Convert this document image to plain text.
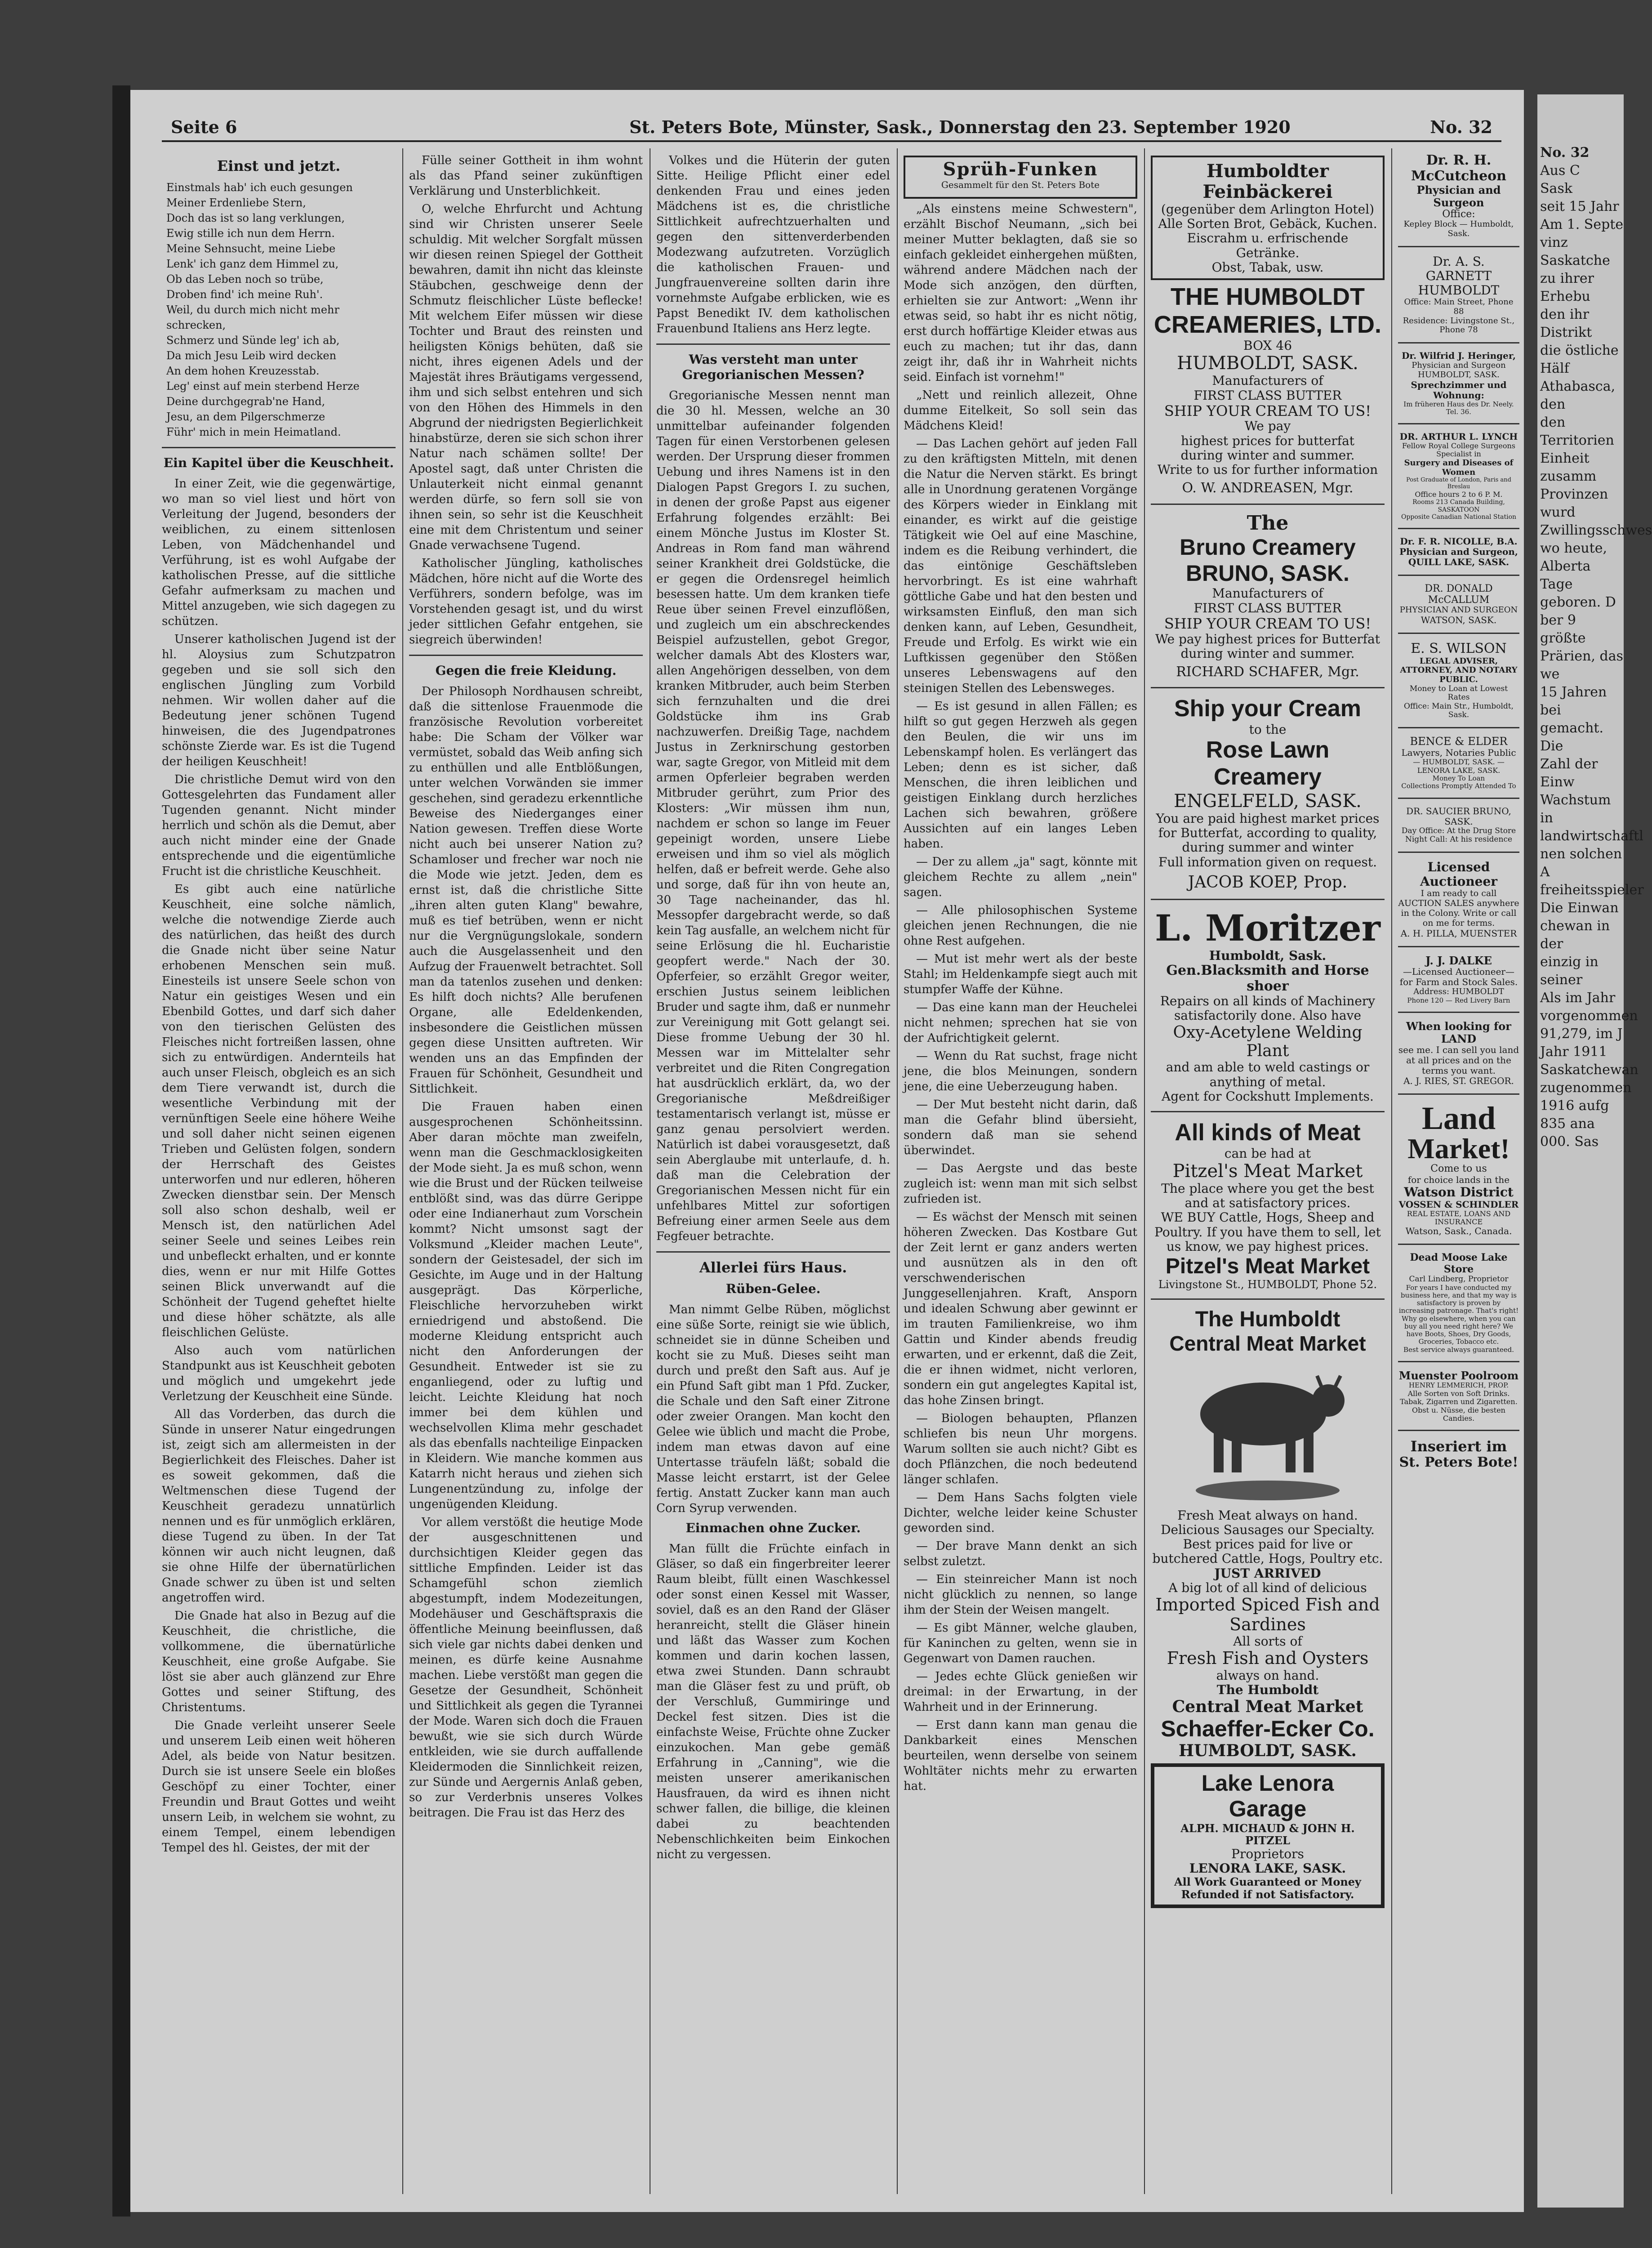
Seite 6	St. Peters Bote, Münster, Sask., Donnerstag den 23. September 1920	No. 32
Einst und jetzt.
Einstmals hab' ich euch gesungen
Meiner Erdenliebe Stern,
Doch das ist so lang verklungen,
Ewig stille ich nun dem Herrn.
Meine Sehnsucht, meine Liebe
Lenk' ich ganz dem Himmel zu,
Ob das Leben noch so trübe,
Droben find' ich meine Ruh'.
Weil, du durch mich nicht mehr schrecken,
Schmerz und Sünde leg' ich ab,
Da mich Jesu Leib wird decken
An dem hohen Kreuzesstab.
Leg' einst auf mein sterbend Herze
Deine durchgegrab'ne Hand,
Jesu, an dem Pilgerschmerze
Führ' mich in mein Heimatland.
Ein Kapitel über die Keuschheit.

In einer Zeit, wie die gegenwärtige, wo man so viel liest und hört von Verleitung der Jugend, besonders der weiblichen, zu einem sittenlosen Leben, von Mädchenhandel und Verführung, ist es wohl Aufgabe der katholischen Presse, auf die sittliche Gefahr aufmerksam zu machen und Mittel anzugeben, wie sich dagegen zu schützen.

Unserer katholischen Jugend ist der hl. Aloysius zum Schutzpatron gegeben und sie soll sich den englischen Jüngling zum Vorbild nehmen. Wir wollen daher auf die Bedeutung jener schönen Tugend hinweisen, die des Jugendpatrones schönste Zierde war. Es ist die Tugend der heiligen Keuschheit!

Die christliche Demut wird von den Gottesgelehrten das Fundament aller Tugenden genannt. Nicht minder herrlich und schön als die Demut, aber auch nicht minder eine der Gnade entsprechende und die eigentümliche Frucht ist die christliche Keuschheit.

Es gibt auch eine natürliche Keuschheit, eine solche nämlich, welche die notwendige Zierde auch des natürlichen, das heißt des durch die Gnade nicht über seine Natur erhobenen Menschen sein muß. Einesteils ist unsere Seele schon von Natur ein geistiges Wesen und ein Ebenbild Gottes, und darf sich daher von den tierischen Gelüsten des Fleisches nicht fortreißen lassen, ohne sich zu entwürdigen. Andernteils hat auch unser Fleisch, obgleich es an sich dem Tiere verwandt ist, durch die wesentliche Verbindung mit der vernünftigen Seele eine höhere Weihe und soll daher nicht seinen eigenen Trieben und Gelüsten folgen, sondern der Herrschaft des Geistes unterworfen und nur edleren, höheren Zwecken dienstbar sein. Der Mensch soll also schon deshalb, weil er Mensch ist, den natürlichen Adel seiner Seele und seines Leibes rein und unbefleckt erhalten, und er konnte dies, wenn er nur mit Hilfe Gottes seinen Blick unverwandt auf die Schönheit der Tugend geheftet hielte und diese höher schätzte, als alle fleischlichen Gelüste.

Also auch vom natürlichen Standpunkt aus ist Keuschheit geboten und möglich und umgekehrt jede Verletzung der Keuschheit eine Sünde.

All das Vorderben, das durch die Sünde in unserer Natur eingedrungen ist, zeigt sich am allermeisten in der Begierlichkeit des Fleisches. Daher ist es soweit gekommen, daß die Weltmenschen diese Tugend der Keuschheit geradezu unnatürlich nennen und es für unmöglich erklären, diese Tugend zu üben. In der Tat können wir auch nicht leugnen, daß sie ohne Hilfe der übernatürlichen Gnade schwer zu üben ist und selten angetroffen wird.

Die Gnade hat also in Bezug auf die Keuschheit, die christliche, die vollkommene, die übernatürliche Keuschheit, eine große Aufgabe. Sie löst sie aber auch glänzend zur Ehre Gottes und seiner Stiftung, des Christentums.

Die Gnade verleiht unserer Seele und unserem Leib einen weit höheren Adel, als beide von Natur besitzen. Durch sie ist unsere Seele ein bloßes Geschöpf zu einer Tochter, einer Freundin und Braut Gottes und weiht unsern Leib, in welchem sie wohnt, zu einem Tempel, einem lebendigen Tempel des hl. Geistes, der mit der

Fülle seiner Gottheit in ihm wohnt als das Pfand seiner zukünftigen Verklärung und Unsterblichkeit.

O, welche Ehrfurcht und Achtung sind wir Christen unserer Seele schuldig. Mit welcher Sorgfalt müssen wir diesen reinen Spiegel der Gottheit bewahren, damit ihn nicht das kleinste Stäubchen, geschweige denn der Schmutz fleischlicher Lüste beflecke! Mit welchem Eifer müssen wir diese Tochter und Braut des reinsten und heiligsten Königs behüten, daß sie nicht, ihres eigenen Adels und der Majestät ihres Bräutigams vergessend, ihm und sich selbst entehren und sich von den Höhen des Himmels in den Abgrund der niedrigsten Begierlichkeit hinabstürze, deren sie sich schon ihrer Natur nach schämen sollte! Der Apostel sagt, daß unter Christen die Unlauterkeit nicht einmal genannt werden dürfe, so fern soll sie von ihnen sein, so sehr ist die Keuschheit eine mit dem Christentum und seiner Gnade verwachsene Tugend.

Katholischer Jüngling, katholisches Mädchen, höre nicht auf die Worte des Verführers, sondern befolge, was im Vorstehenden gesagt ist, und du wirst jeder sittlichen Gefahr entgehen, sie siegreich überwinden!

Gegen die freie Kleidung.

Der Philosoph Nordhausen schreibt, daß die sittenlose Frauenmode die französische Revolution vorbereitet habe: Die Scham der Völker war vermüstet, sobald das Weib anfing sich zu enthüllen und alle Entblößungen, unter welchen Vorwänden sie immer geschehen, sind geradezu erkenntliche Beweise des Niederganges einer Nation gewesen. Treffen diese Worte nicht auch bei unserer Nation zu? Schamloser und frecher war noch nie die Mode wie jetzt. Jeden, dem es ernst ist, daß die christliche Sitte „ihren alten guten Klang" bewahre, muß es tief betrüben, wenn er nicht nur die Vergnügungslokale, sondern auch die Ausgelassenheit und den Aufzug der Frauenwelt betrachtet. Soll man da tatenlos zusehen und denken: Es hilft doch nichts? Alle berufenen Organe, alle Edeldenkenden, insbesondere die Geistlichen müssen gegen diese Unsitten auftreten. Wir wenden uns an das Empfinden der Frauen für Schönheit, Gesundheit und Sittlichkeit.

Die Frauen haben einen ausgesprochenen Schönheitssinn. Aber daran möchte man zweifeln, wenn man die Geschmacklosigkeiten der Mode sieht. Ja es muß schon, wenn wie die Brust und der Rücken teilweise entblößt sind, was das dürre Gerippe oder eine Indianerhaut zum Vorschein kommt? Nicht umsonst sagt der Volksmund „Kleider machen Leute", sondern der Geistesadel, der sich im Gesichte, im Auge und in der Haltung ausgeprägt. Das Körperliche, Fleischliche hervorzuheben wirkt erniedrigend und abstoßend. Die moderne Kleidung entspricht auch nicht den Anforderungen der Gesundheit. Entweder ist sie zu enganliegend, oder zu luftig und leicht. Leichte Kleidung hat noch immer bei dem kühlen und wechselvollen Klima mehr geschadet als das ebenfalls nachteilige Einpacken in Kleidern. Wie manche kommen aus Katarrh nicht heraus und ziehen sich Lungenentzündung zu, infolge der ungenügenden Kleidung.

Vor allem verstößt die heutige Mode der ausgeschnittenen und durchsichtigen Kleider gegen das sittliche Empfinden. Leider ist das Schamgefühl schon ziemlich abgestumpft, indem Modezeitungen, Modehäuser und Geschäftspraxis die öffentliche Meinung beeinflussen, daß sich viele gar nichts dabei denken und meinen, es dürfe keine Ausnahme machen. Liebe verstößt man gegen die Gesetze der Gesundheit, Schönheit und Sittlichkeit als gegen die Tyrannei der Mode. Waren sich doch die Frauen bewußt, wie sie sich durch Würde entkleiden, wie sie durch auffallende Kleidermoden die Sinnlichkeit reizen, zur Sünde und Aergernis Anlaß geben, so zur Verderbnis unseres Volkes beitragen. Die Frau ist das Herz des

Volkes und die Hüterin der guten Sitte. Heilige Pflicht einer edel denkenden Frau und eines jeden Mädchens ist es, die christliche Sittlichkeit aufrechtzuerhalten und gegen den sittenverderbenden Modezwang aufzutreten. Vorzüglich die katholischen Frauen- und Jungfrauenvereine sollten darin ihre vornehmste Aufgabe erblicken, wie es Papst Benedikt IV. dem katholischen Frauenbund Italiens ans Herz legte.

Was versteht man unter Gregorianischen Messen?

Gregorianische Messen nennt man die 30 hl. Messen, welche an 30 unmittelbar aufeinander folgenden Tagen für einen Verstorbenen gelesen werden. Der Ursprung dieser frommen Uebung und ihres Namens ist in den Dialogen Papst Gregors I. zu suchen, in denen der große Papst aus eigener Erfahrung folgendes erzählt: Bei einem Mönche Justus im Kloster St. Andreas in Rom fand man während seiner Krankheit drei Goldstücke, die er gegen die Ordensregel heimlich besessen hatte. Um dem kranken tiefe Reue über seinen Frevel einzuflößen, und zugleich um ein abschreckendes Beispiel aufzustellen, gebot Gregor, welcher damals Abt des Klosters war, allen Angehörigen desselben, von dem kranken Mitbruder, auch beim Sterben sich fernzuhalten und die drei Goldstücke ihm ins Grab nachzuwerfen. Dreißig Tage, nachdem Justus in Zerknirschung gestorben war, sagte Gregor, von Mitleid mit dem armen Opferleier begraben werden Mitbruder gerührt, zum Prior des Klosters: „Wir müssen ihm nun, nachdem er schon so lange im Feuer gepeinigt worden, unsere Liebe erweisen und ihm so viel als möglich helfen, daß er befreit werde. Gehe also und sorge, daß für ihn von heute an, 30 Tage nacheinander, das hl. Messopfer dargebracht werde, so daß kein Tag ausfalle, an welchem nicht für seine Erlösung die hl. Eucharistie geopfert werde." Nach der 30. Opferfeier, so erzählt Gregor weiter, erschien Justus seinem leiblichen Bruder und sagte ihm, daß er nunmehr zur Vereinigung mit Gott gelangt sei. Diese fromme Uebung der 30 hl. Messen war im Mittelalter sehr verbreitet und die Riten Congregation hat ausdrücklich erklärt, da, wo der Gregorianische Meßdreißiger testamentarisch verlangt ist, müsse er ganz genau persolviert werden. Natürlich ist dabei vorausgesetzt, daß sein Aberglaube mit unterlaufe, d. h. daß man die Celebration der Gregorianischen Messen nicht für ein unfehlbares Mittel zur sofortigen Befreiung einer armen Seele aus dem Fegfeuer betrachte.

Allerlei fürs Haus.
Rüben-Gelee.

Man nimmt Gelbe Rüben, möglichst eine süße Sorte, reinigt sie wie üblich, schneidet sie in dünne Scheiben und kocht sie zu Muß. Dieses seiht man durch und preßt den Saft aus. Auf je ein Pfund Saft gibt man 1 Pfd. Zucker, die Schale und den Saft einer Zitrone oder zweier Orangen. Man kocht den Gelee wie üblich und macht die Probe, indem man etwas davon auf eine Untertasse träufeln läßt; sobald die Masse leicht erstarrt, ist der Gelee fertig. Anstatt Zucker kann man auch Corn Syrup verwenden.

Einmachen ohne Zucker.

Man füllt die Früchte einfach in Gläser, so daß ein fingerbreiter leerer Raum bleibt, füllt einen Waschkessel oder sonst einen Kessel mit Wasser, soviel, daß es an den Rand der Gläser heranreicht, stellt die Gläser hinein und läßt das Wasser zum Kochen kommen und darin kochen lassen, etwa zwei Stunden. Dann schraubt man die Gläser fest zu und prüft, ob der Verschluß, Gummiringe und Deckel fest sitzen. Dies ist die einfachste Weise, Früchte ohne Zucker einzukochen. Man gebe gemäß Erfahrung in „Canning", wie die meisten unserer amerikanischen Hausfrauen, da wird es ihnen nicht schwer fallen, die billige, die kleinen dabei zu beachtenden Nebenschlichkeiten beim Einkochen nicht zu vergessen.

Sprüh-Funken
Gesammelt für den St. Peters Bote

„Als einstens meine Schwestern", erzählt Bischof Neumann, „sich bei meiner Mutter beklagten, daß sie so einfach gekleidet einhergehen müßten, während andere Mädchen nach der Mode sich anzögen, den dürften, erhielten sie zur Antwort: „Wenn ihr etwas seid, so habt ihr es nicht nötig, erst durch hoffärtige Kleider etwas aus euch zu machen; tut ihr das, dann zeigt ihr, daß ihr in Wahrheit nichts seid. Einfach ist vornehm!"

„Nett und reinlich allezeit, Ohne dumme Eitelkeit, So soll sein das Mädchens Kleid!

— Das Lachen gehört auf jeden Fall zu den kräftigsten Mitteln, mit denen die Natur die Nerven stärkt. Es bringt alle in Unordnung geratenen Vorgänge des Körpers wieder in Einklang mit einander, es wirkt auf die geistige Tätigkeit wie Oel auf eine Maschine, indem es die Reibung verhindert, die das eintönige Geschäftsleben hervorbringt. Es ist eine wahrhaft göttliche Gabe und hat den besten und wirksamsten Einfluß, den man sich denken kann, auf Leben, Gesundheit, Freude und Erfolg. Es wirkt wie ein Luftkissen gegenüber den Stößen unseres Lebenswagens auf den steinigen Stellen des Lebensweges.

— Es ist gesund in allen Fällen; es hilft so gut gegen Herzweh als gegen den Beulen, die wir uns im Lebenskampf holen. Es verlängert das Leben; denn es ist sicher, daß Menschen, die ihren leiblichen und geistigen Einklang durch herzliches Lachen sich bewahren, größere Aussichten auf ein langes Leben haben.

— Der zu allem „ja" sagt, könnte mit gleichem Rechte zu allem „nein" sagen.

— Alle philosophischen Systeme gleichen jenen Rechnungen, die nie ohne Rest aufgehen.

— Mut ist mehr wert als der beste Stahl; im Heldenkampfe siegt auch mit stumpfer Waffe der Kühne.

— Das eine kann man der Heuchelei nicht nehmen; sprechen hat sie von der Aufrichtigkeit gelernt.

— Wenn du Rat suchst, frage nicht jene, die blos Meinungen, sondern jene, die eine Ueberzeugung haben.

— Der Mut besteht nicht darin, daß man die Gefahr blind übersieht, sondern daß man sie sehend überwindet.

— Das Aergste und das beste zugleich ist: wenn man mit sich selbst zufrieden ist.

— Es wächst der Mensch mit seinen höheren Zwecken. Das Kostbare Gut der Zeit lernt er ganz anders werten und ausnützen als in den oft verschwenderischen Junggesellenjahren. Kraft, Ansporn und idealen Schwung aber gewinnt er im trauten Familienkreise, wo ihm Gattin und Kinder abends freudig erwarten, und er erkennt, daß die Zeit, die er ihnen widmet, nicht verloren, sondern ein gut angelegtes Kapital ist, das hohe Zinsen bringt.

— Biologen behaupten, Pflanzen schliefen bis neun Uhr morgens. Warum sollten sie auch nicht? Gibt es doch Pflänzchen, die noch bedeutend länger schlafen.

— Dem Hans Sachs folgten viele Dichter, welche leider keine Schuster geworden sind.

— Der brave Mann denkt an sich selbst zuletzt.

— Ein steinreicher Mann ist noch nicht glücklich zu nennen, so lange ihm der Stein der Weisen mangelt.

— Es gibt Männer, welche glauben, für Kaninchen zu gelten, wenn sie in Gegenwart von Damen rauchen.

— Jedes echte Glück genießen wir dreimal: in der Erwartung, in der Wahrheit und in der Erinnerung.

— Erst dann kann man genau die Dankbarkeit eines Menschen beurteilen, wenn derselbe von seinem Wohltäter nichts mehr zu erwarten hat.

Humboldter Feinbäckerei
(gegenüber dem Arlington Hotel)
Alle Sorten Brot, Gebäck, Kuchen.
Eiscrahm u. erfrischende Getränke.
Obst, Tabak, usw.
THE HUMBOLDT CREAMERIES, LTD.
BOX 46
HUMBOLDT, SASK.
Manufacturers of
FIRST CLASS BUTTER
SHIP YOUR CREAM TO US!
We pay
highest prices for butterfat
during winter and summer.
Write to us for further information
O. W. ANDREASEN, Mgr.
The
Bruno Creamery
BRUNO, SASK.
Manufacturers of
FIRST CLASS BUTTER
SHIP YOUR CREAM TO US!
We pay highest prices for Butterfat during winter and summer.
RICHARD SCHAFER, Mgr.
Ship your Cream
to the
Rose Lawn Creamery
ENGELFELD, SASK.
You are paid highest market prices for Butterfat, according to quality, during summer and winter
Full information given on request.
JACOB KOEP, Prop.
L. Moritzer
Humboldt, Sask.
Gen.Blacksmith and Horse shoer
Repairs on all kinds of Machinery satisfactorily done. Also have
Oxy-Acetylene Welding Plant
and am able to weld castings or anything of metal.
Agent for Cockshutt Implements.
All kinds of Meat
can be had at
Pitzel's Meat Market
The place where you get the best and at satisfactory prices.
WE BUY Cattle, Hogs, Sheep and Poultry. If you have them to sell, let us know, we pay highest prices.
Pitzel's Meat Market
Livingstone St., HUMBOLDT, Phone 52.
The Humboldt
Central Meat Market
Fresh Meat always on hand.
Delicious Sausages our Specialty.
Best prices paid for live or butchered Cattle, Hogs, Poultry etc.
JUST ARRIVED
A big lot of all kind of delicious
Imported Spiced Fish and Sardines
All sorts of
Fresh Fish and Oysters
always on hand.
The Humboldt
Central Meat Market
Schaeffer-Ecker Co.
HUMBOLDT, SASK.
Lake Lenora
Garage
ALPH. MICHAUD & JOHN H. PITZEL
Proprietors
LENORA LAKE, SASK.
All Work Guaranteed or Money Refunded if not Satisfactory.
Dr. R. H. McCutcheon
Physician and Surgeon
Office:
Kepley Block — Humboldt, Sask.
Dr. A. S. GARNETT
HUMBOLDT
Office: Main Street, Phone 88
Residence: Livingstone St., Phone 78
Dr. Wilfrid J. Heringer,
Physician and Surgeon
HUMBOLDT, SASK.
Sprechzimmer und Wohnung:
Im früheren Haus des Dr. Neely. Tel. 36.
DR. ARTHUR L. LYNCH
Fellow Royal College Surgeons
Specialist in
Surgery and Diseases of Women
Post Graduate of London, Paris and Breslau
Office hours 2 to 6 P. M.
Rooms 213 Canada Building, SASKATOON
Opposite Canadian National Station
Dr. F. R. NICOLLE, B.A.
Physician and Surgeon,
QUILL LAKE, SASK.
DR. DONALD McCALLUM
PHYSICIAN AND SURGEON
WATSON, SASK.
E. S. WILSON
LEGAL ADVISER, ATTORNEY, AND NOTARY PUBLIC.
Money to Loan at Lowest Rates
Office: Main Str., Humboldt, Sask.
BENCE & ELDER
Lawyers, Notaries Public
— HUMBOLDT, SASK. —
LENORA LAKE, SASK.
Money To Loan
Collections Promptly Attended To
DR. SAUCIER BRUNO, SASK.
Day Office: At the Drug Store
Night Call: At his residence
Licensed Auctioneer
I am ready to call AUCTION SALES anywhere in the Colony. Write or call on me for terms.
A. H. PILLA, MUENSTER
J. J. DALKE
—Licensed Auctioneer—
for Farm and Stock Sales.
Address: HUMBOLDT
Phone 120 — Red Livery Barn
When looking for LAND
see me. I can sell you land at all prices and on the terms you want.
A. J. RIES, ST. GREGOR.
Land
Market!
Come to us
for choice lands in the
Watson District
VOSSEN & SCHINDLER
REAL ESTATE, LOANS AND INSURANCE
Watson, Sask., Canada.
Dead Moose Lake Store
Carl Lindberg, Proprietor
For years I have conducted my business here, and that my way is satisfactory is proven by increasing patronage. That's right! Why go elsewhere, when you can buy all you need right here? We have Boots, Shoes, Dry Goods, Groceries, Tobacco etc.
Best service always guaranteed.
Muenster Poolroom
HENRY LEMMERICH, PROP.
Alle Sorten von Soft Drinks. Tabak, Zigarren und Zigaretten. Obst u. Nüsse, die besten Candies.
Inseriert im
St. Peters Bote!
No. 32
Aus C
Sask
seit 15 Jahr
Am 1. Septe
vinz Saskatche
zu ihrer Erhebu
den ihr Distrikt
die östliche Hälf
Athabasca, den
den Territorien
Einheit zusamm
Provinzen wurd
Zwillingsschwes
wo heute, Alberta
Tage geboren. D
ber 9 größte
Prärien, das we
15 Jahren bei
gemacht. Die
Zahl der Einw
Wachstum in
landwirtschaftl
nen solchen A
freiheitsspieler
Die Einwan
chewan in der
einzig in seiner
Als im Jahr
vorgenommen
91,279, im J
Jahr 1911
Saskatchewan
zugenommen
1916 aufg
835 ana
000. Sas
